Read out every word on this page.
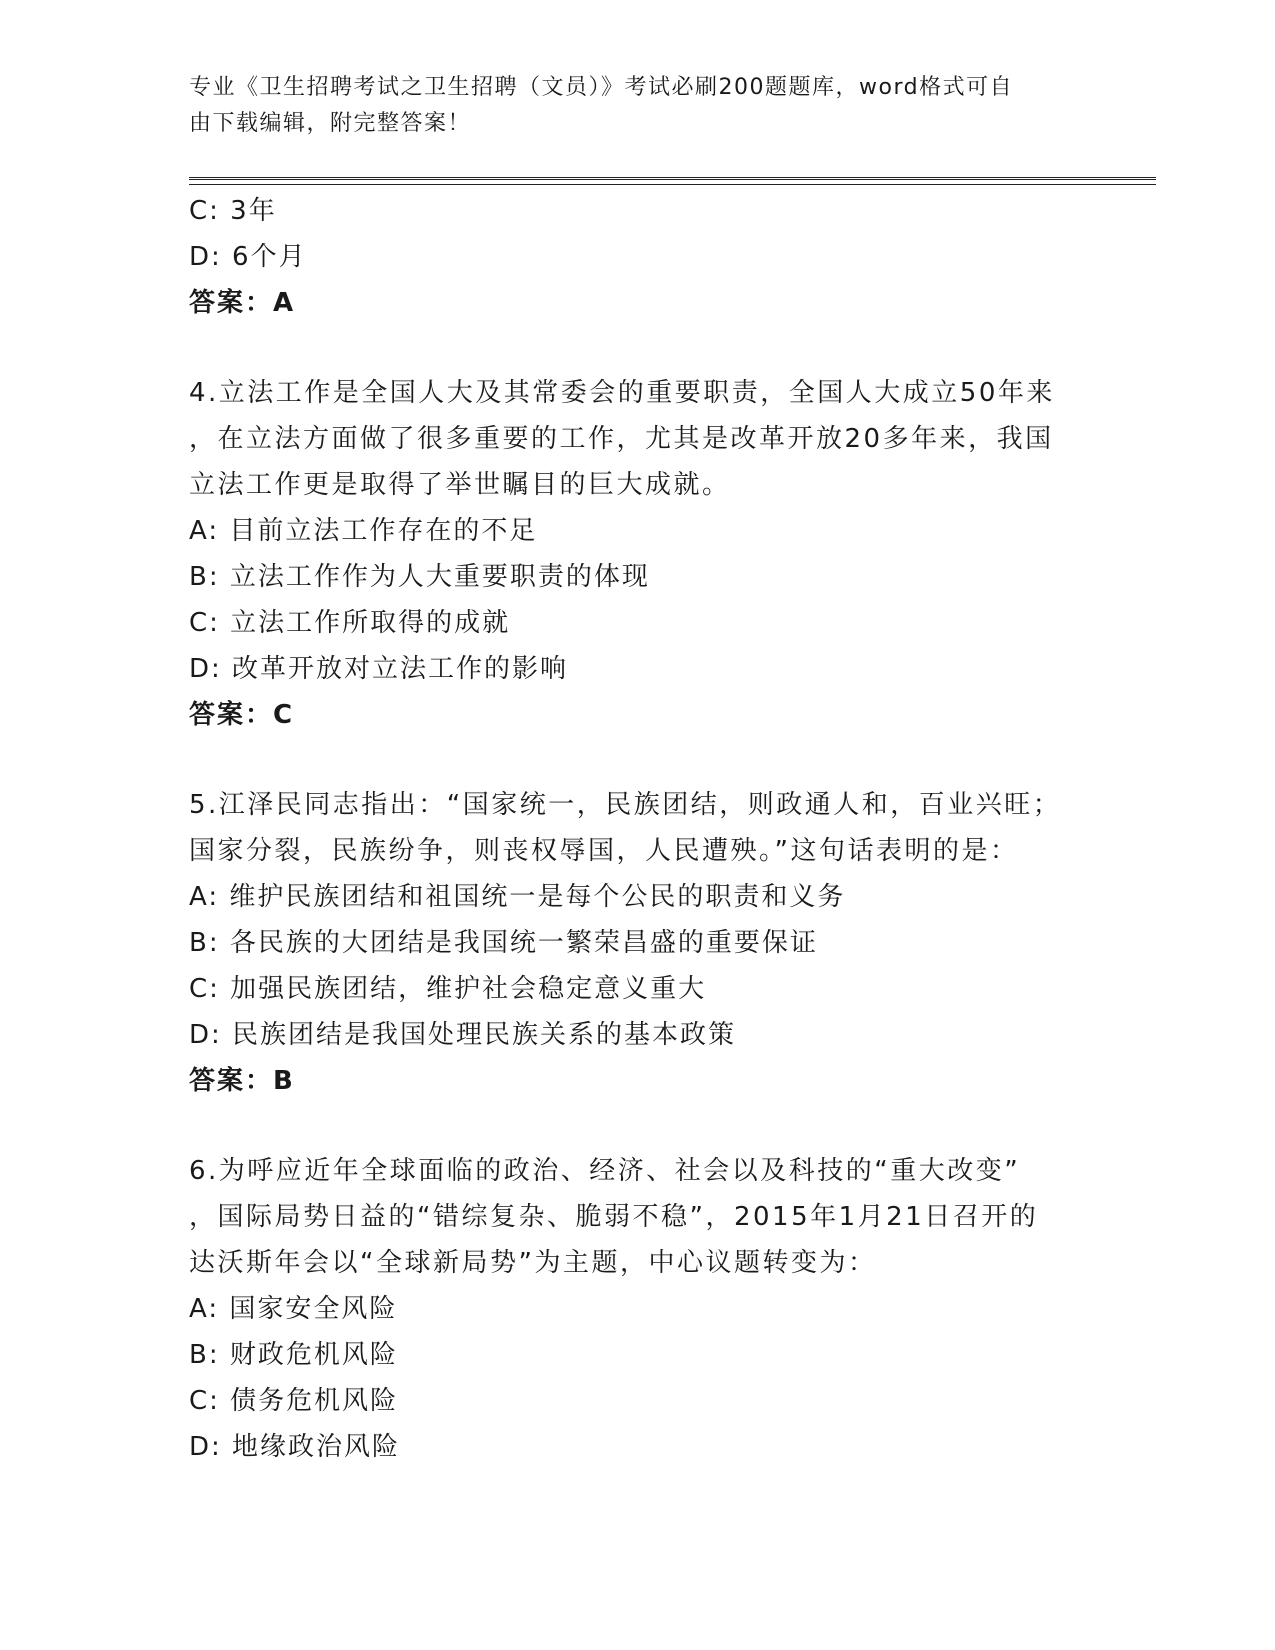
专业《卫生招聘考试之卫生招聘（文员）》考试必刷200题题库，word格式可自
由下载编辑，附完整答案！
C: 3年
D: 6个月
答案：A
4.立法工作是全国人大及其常委会的重要职责，全国人大成立50年来
，在立法方面做了很多重要的工作，尤其是改革开放20多年来，我国
立法工作更是取得了举世瞩目的巨大成就。
A: 目前立法工作存在的不足
B: 立法工作作为人大重要职责的体现
C: 立法工作所取得的成就
D: 改革开放对立法工作的影响
答案：C
5.江泽民同志指出：“国家统一，民族团结，则政通人和，百业兴旺；
国家分裂，民族纷争，则丧权辱国，人民遭殃。”这句话表明的是：
A: 维护民族团结和祖国统一是每个公民的职责和义务
B: 各民族的大团结是我国统一繁荣昌盛的重要保证
C: 加强民族团结，维护社会稳定意义重大
D: 民族团结是我国处理民族关系的基本政策
答案：B
6.为呼应近年全球面临的政治、经济、社会以及科技的“重大改变”
，国际局势日益的“错综复杂、脆弱不稳”，2015年1月21日召开的
达沃斯年会以“全球新局势”为主题，中心议题转变为：
A: 国家安全风险
B: 财政危机风险
C: 债务危机风险
D: 地缘政治风险
